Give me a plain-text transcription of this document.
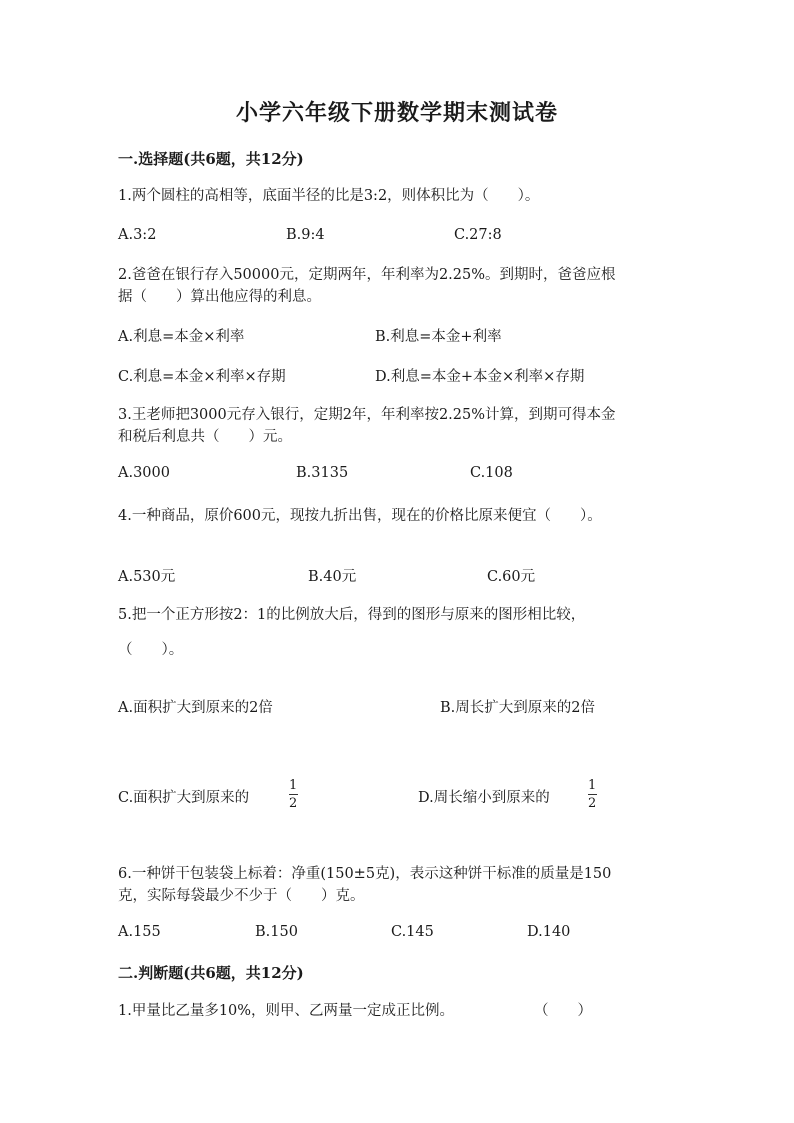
小学六年级下册数学期末测试卷
一.选择题(共6题，共12分)
1.两个圆柱的高相等，底面半径的比是3:2，则体积比为（　　）。
A.3:2	B.9:4	C.27:8
2.爸爸在银行存入50000元，定期两年，年利率为2.25%。到期时，爸爸应根
据（　　）算出他应得的利息。
A.利息=本金×利率	B.利息=本金+利率
C.利息=本金×利率×存期	D.利息=本金+本金×利率×存期
3.王老师把3000元存入银行，定期2年，年利率按2.25%计算，到期可得本金
和税后利息共（　　）元。
A.3000	B.3135	C.108
4.一种商品，原价600元，现按九折出售，现在的价格比原来便宜（　　）。
A.530元	B.40元	C.60元
5.把一个正方形按2：1的比例放大后，得到的图形与原来的图形相比较，
（　　）。
A.面积扩大到原来的2倍	B.周长扩大到原来的2倍
C.面积扩大到原来的
1
2	D.周长缩小到原来的
1
2
6.一种饼干包装袋上标着：净重(150±5克)，表示这种饼干标准的质量是150
克，实际每袋最少不少于（　　）克。
A.155	B.150	C.145	D.140
二.判断题(共6题，共12分)
1.甲量比乙量多10%，则甲、乙两量一定成正比例。	（　　）
